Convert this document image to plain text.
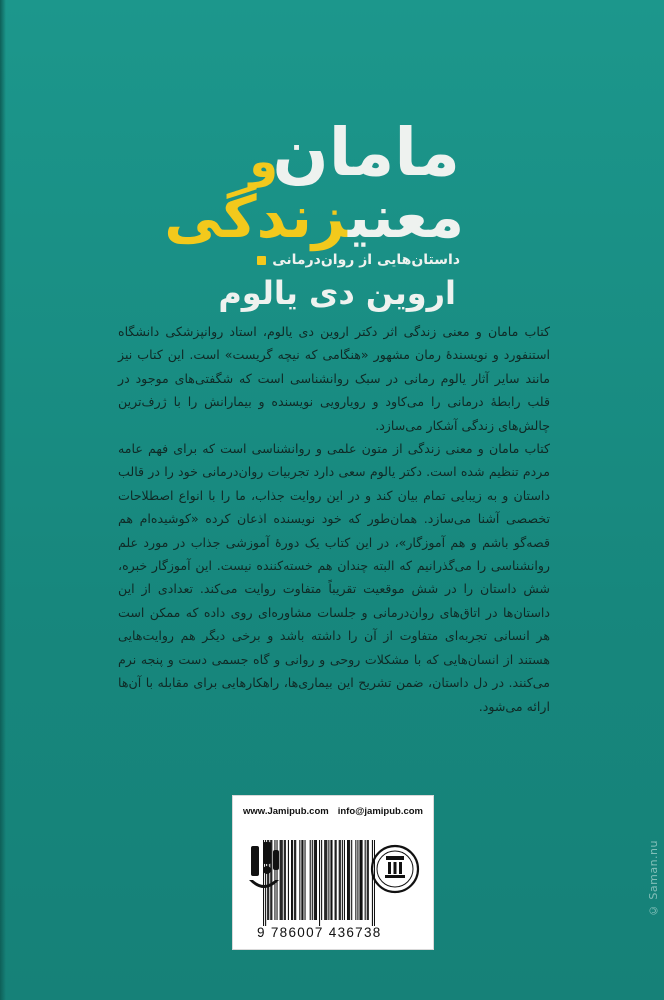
مامان
و
معنیزندگی
داستان‌هایی از روان‌درمانی
اروین دی یالوم

کتاب مامان و معنی زندگی اثر دکتر اروین دی یالوم، استاد روانپزشکی دانشگاه استنفورد و نویسندهٔ رمان مشهور «هنگامی که نیچه گریست» است. این کتاب نیز مانند سایر آثار یالوم رمانی در سبک روانشناسی است که شگفتی‌های موجود در قلب رابطهٔ درمانی را می‌کاود و رویارویی نویسنده و بیمارانش را با ژرف‌ترین چالش‌های زندگی آشکار می‌سازد.

کتاب مامان و معنی زندگی از متون علمی و روانشناسی است که برای فهم عامه مردم تنظیم شده است. دکتر یالوم سعی دارد تجربیات روان‌درمانی خود را در قالب داستان و به زیبایی تمام بیان کند و در این روایت جذاب، ما را با انواع اصطلاحات تخصصی آشنا می‌سازد. همان‌طور که خود نویسنده اذعان کرده «کوشیده‌ام هم قصه‌گو باشم و هم آموزگار»، در این کتاب یک دورهٔ آموزشی جذاب در مورد علم روانشناسی را می‌گذرانیم که البته چندان هم خسته‌کننده نیست. این آموزگار خبره، شش داستان را در شش موقعیت تقریباً متفاوت روایت می‌کند. تعدادی از این داستان‌ها در اتاق‌های روان‌درمانی و جلسات مشاوره‌ای روی داده که ممکن است هر انسانی تجربه‌ای متفاوت از آن را داشته باشد و برخی دیگر هم روایت‌هایی هستند از انسان‌هایی که با مشکلات روحی و روانی و گاه جسمی دست و پنجه نرم می‌کنند. در دل داستان، ضمن تشریح این بیماری‌ها، راهکارهایی برای مقابله با آن‌ها ارائه می‌شود.

www.Jamipub.com info@jamipub.com
9 786007 436738
© Saman.nu
